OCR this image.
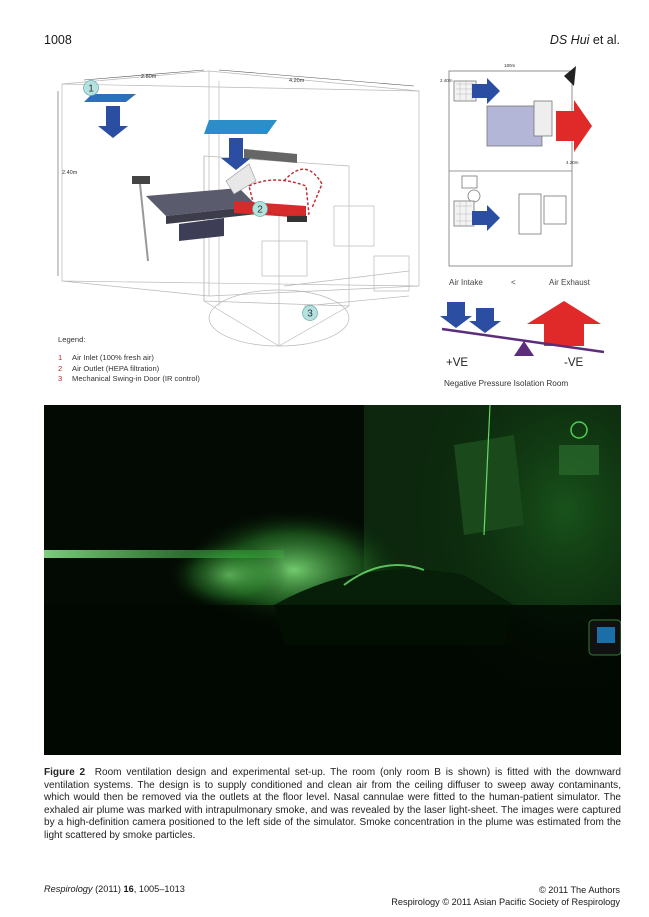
1008	DS Hui et al.
2.80m
4.20m
2.40m
1
2
3
180m
2.40m
4.20m
Air Intake	<	Air Exhaust
+VE	-VE
Negative Pressure Isolation Room
Legend:
1 Air Inlet (100% fresh air)
2 Air Outlet (HEPA filtration)
3 Mechanical Swing-in Door (IR control)
Figure 2 Room ventilation design and experimental set-up. The room (only room B is shown) is fitted with the downward ventilation systems. The design is to supply conditioned and clean air from the ceiling diffuser to sweep away contaminants, which would then be removed via the outlets at the floor level. Nasal cannulae were fitted to the human-patient simulator. The exhaled air plume was marked with intrapulmonary smoke, and was revealed by the laser light-sheet. The images were captured by a high-definition camera positioned to the left side of the simulator. Smoke concentration in the plume was estimated from the light scattered by smoke particles.
Respirology (2011) 16, 1005–1013	© 2011 The Authors
Respirology © 2011 Asian Pacific Society of Respirology
